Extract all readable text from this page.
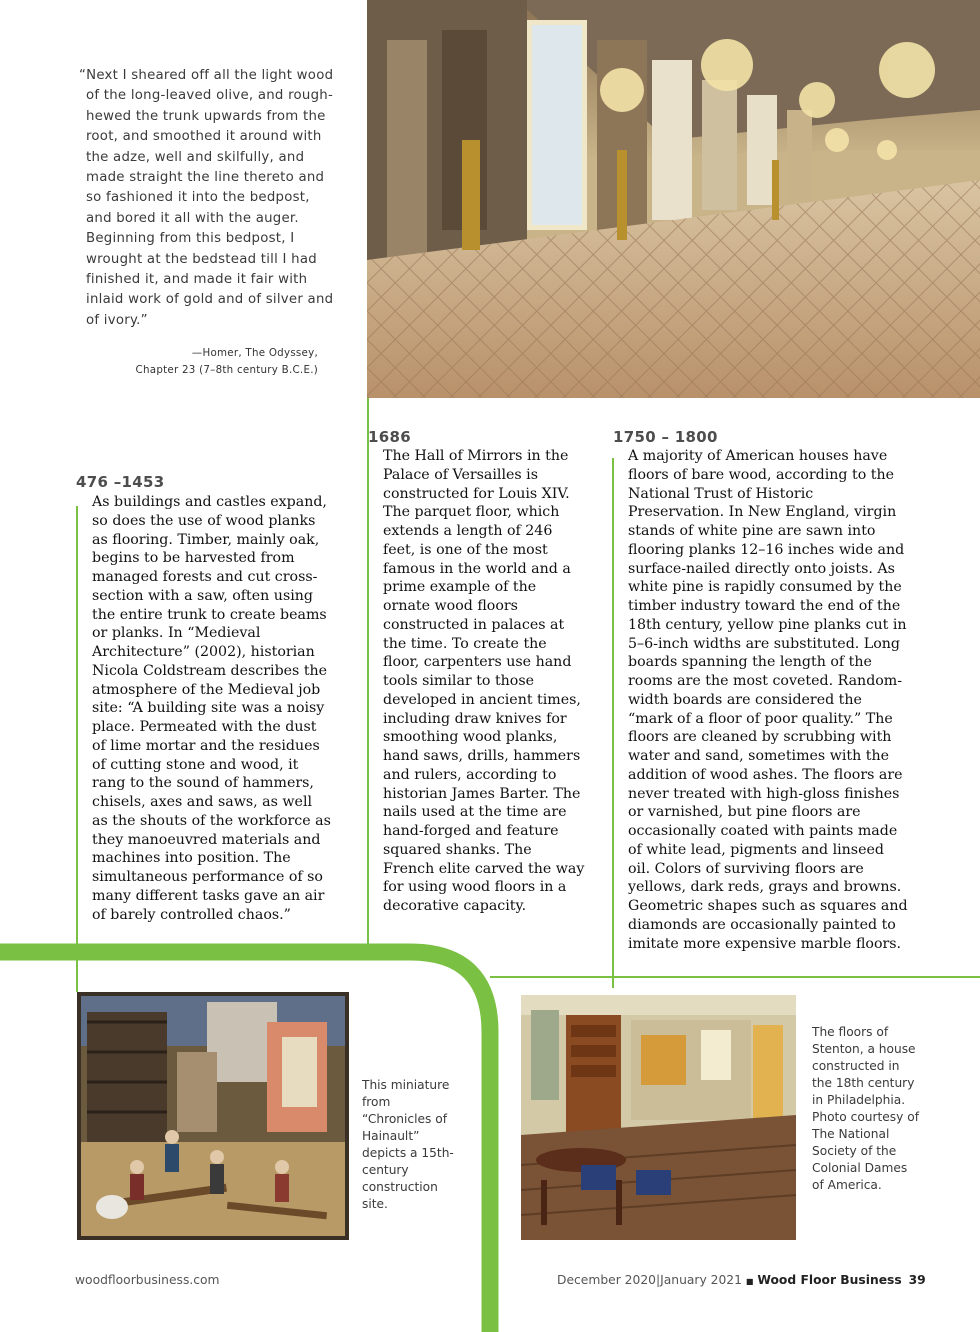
“Next I sheared off all the light wood of the long-leaved olive, and rough-hewed the trunk upwards from the root, and smoothed it around with the adze, well and skilfully, and made straight the line thereto and so fashioned it into the bedpost, and bored it all with the auger. Beginning from this bedpost, I wrought at the bedstead till I had finished it, and made it fair with inlaid work of gold and of silver and of ivory.”

—Homer, The Odyssey,
Chapter 23 (7–8th century B.C.E.)
476 –1453

As buildings and castles expand, so does the use of wood planks as flooring. Timber, mainly oak, begins to be harvested from managed forests and cut cross-section with a saw, often using the entire trunk to create beams or planks. In “Medieval Architecture” (2002), historian Nicola Coldstream describes the atmosphere of the Medieval job site: “A building site was a noisy place. Permeated with the dust of lime mortar and the residues of cutting stone and wood, it rang to the sound of hammers, chisels, axes and saws, as well as the shouts of the workforce as they manoeuvred materials and machines into position. The simultaneous performance of so many different tasks gave an air of barely controlled chaos.”

1686

The Hall of Mirrors in the Palace of Versailles is constructed for Louis XIV. The parquet floor, which extends a length of 246 feet, is one of the most famous in the world and a prime example of the ornate wood floors constructed in palaces at the time. To create the floor, carpenters use hand tools similar to those developed in ancient times, including draw knives for smoothing wood planks, hand saws, drills, hammers and rulers, according to historian James Barter. The nails used at the time are hand-forged and feature squared shanks. The French elite carved the way for using wood floors in a decorative capacity.

1750 – 1800

A majority of American houses have floors of bare wood, according to the National Trust of Historic Preservation. In New England, virgin stands of white pine are sawn into flooring planks 12–16 inches wide and surface-nailed directly onto joists. As white pine is rapidly consumed by the timber industry toward the end of the 18th century, yellow pine planks cut in 5–6-inch widths are substituted. Long boards spanning the length of the rooms are the most coveted. Random-width boards are considered the “mark of a floor of poor quality.” The floors are cleaned by scrubbing with water and sand, sometimes with the addition of wood ashes. The floors are never treated with high-gloss finishes or varnished, but pine floors are occasionally coated with paints made of white lead, pigments and linseed oil. Colors of surviving floors are yellows, dark reds, grays and browns. Geometric shapes such as squares and diamonds are occasionally painted to imitate more expensive marble floors.

This miniature from “Chronicles of Hainault” depicts a 15th-century construction site.

The floors of Stenton, a house constructed in the 18th century in Philadelphia. Photo courtesy of The National Society of the Colonial Dames of America.

woodfloorbusiness.com	December 2020|January 2021 ■ Wood Floor Business 39
